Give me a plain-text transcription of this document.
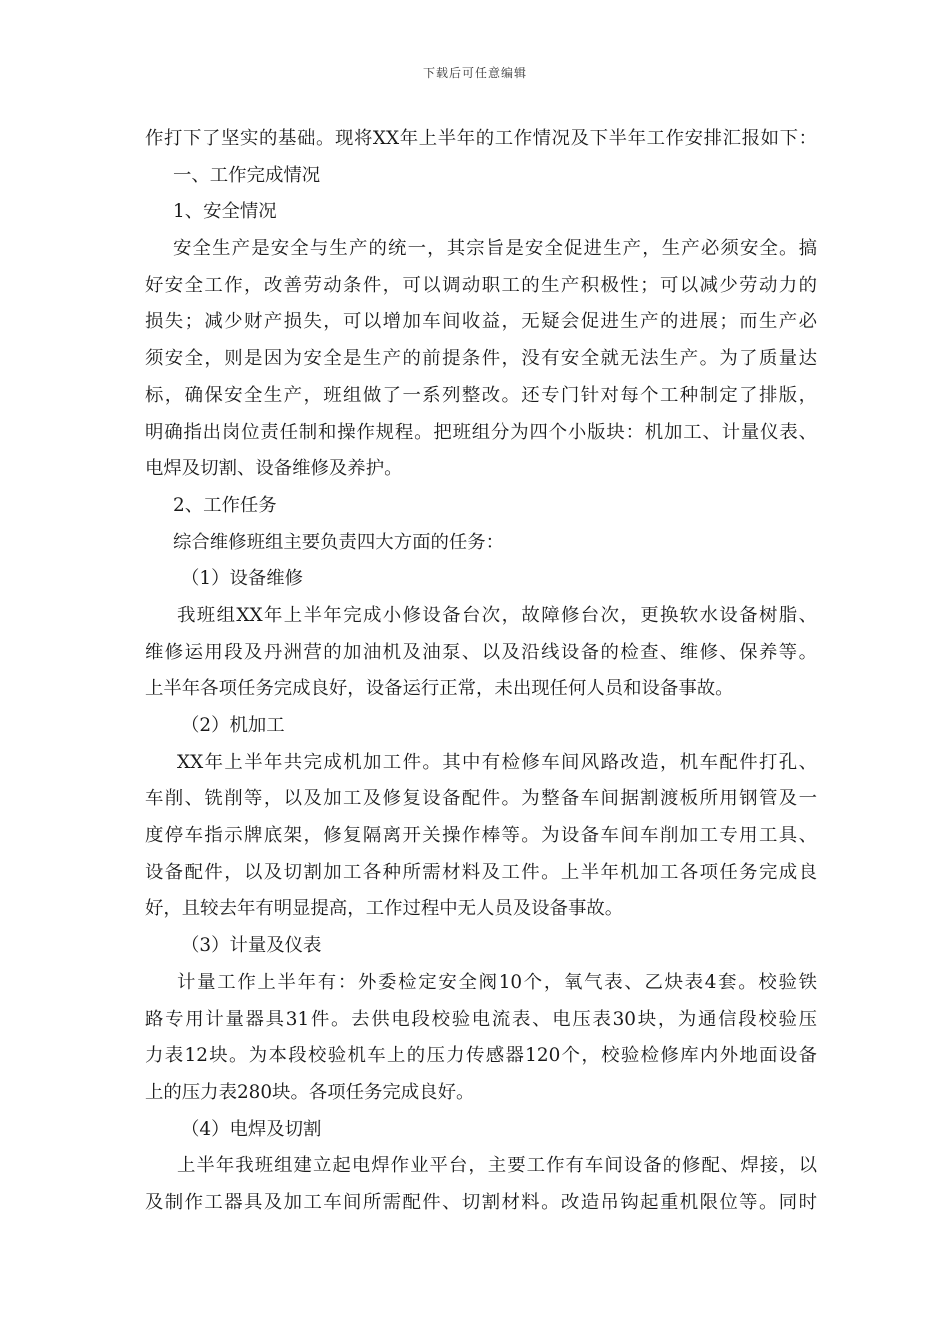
下载后可任意编辑
作打下了坚实的基础。现将XX年上半年的工作情况及下半年工作安排汇报如下：
一、工作完成情况
1、安全情况
安全生产是安全与生产的统一，其宗旨是安全促进生产，生产必须安全。搞
好安全工作，改善劳动条件，可以调动职工的生产积极性；可以减少劳动力的
损失；减少财产损失，可以增加车间收益，无疑会促进生产的进展；而生产必
须安全，则是因为安全是生产的前提条件，没有安全就无法生产。为了质量达
标，确保安全生产，班组做了一系列整改。还专门针对每个工种制定了排版，
明确指出岗位责任制和操作规程。把班组分为四个小版块：机加工、计量仪表、
电焊及切割、设备维修及养护。
2、工作任务
综合维修班组主要负责四大方面的任务：
（1）设备维修
我班组XX年上半年完成小修设备台次，故障修台次，更换软水设备树脂、
维修运用段及丹洲营的加油机及油泵、以及沿线设备的检查、维修、保养等。
上半年各项任务完成良好，设备运行正常，未出现任何人员和设备事故。
（2）机加工
XX年上半年共完成机加工件。其中有检修车间风路改造，机车配件打孔、
车削、铣削等，以及加工及修复设备配件。为整备车间据割渡板所用钢管及一
度停车指示牌底架，修复隔离开关操作棒等。为设备车间车削加工专用工具、
设备配件，以及切割加工各种所需材料及工件。上半年机加工各项任务完成良
好，且较去年有明显提高，工作过程中无人员及设备事故。
（3）计量及仪表
计量工作上半年有：外委检定安全阀10个，氧气表、乙炔表4套。校验铁
路专用计量器具31件。去供电段校验电流表、电压表30块，为通信段校验压
力表12块。为本段校验机车上的压力传感器120个，校验检修库内外地面设备
上的压力表280块。各项任务完成良好。
（4）电焊及切割
上半年我班组建立起电焊作业平台，主要工作有车间设备的修配、焊接，以
及制作工器具及加工车间所需配件、切割材料。改造吊钩起重机限位等。同时
